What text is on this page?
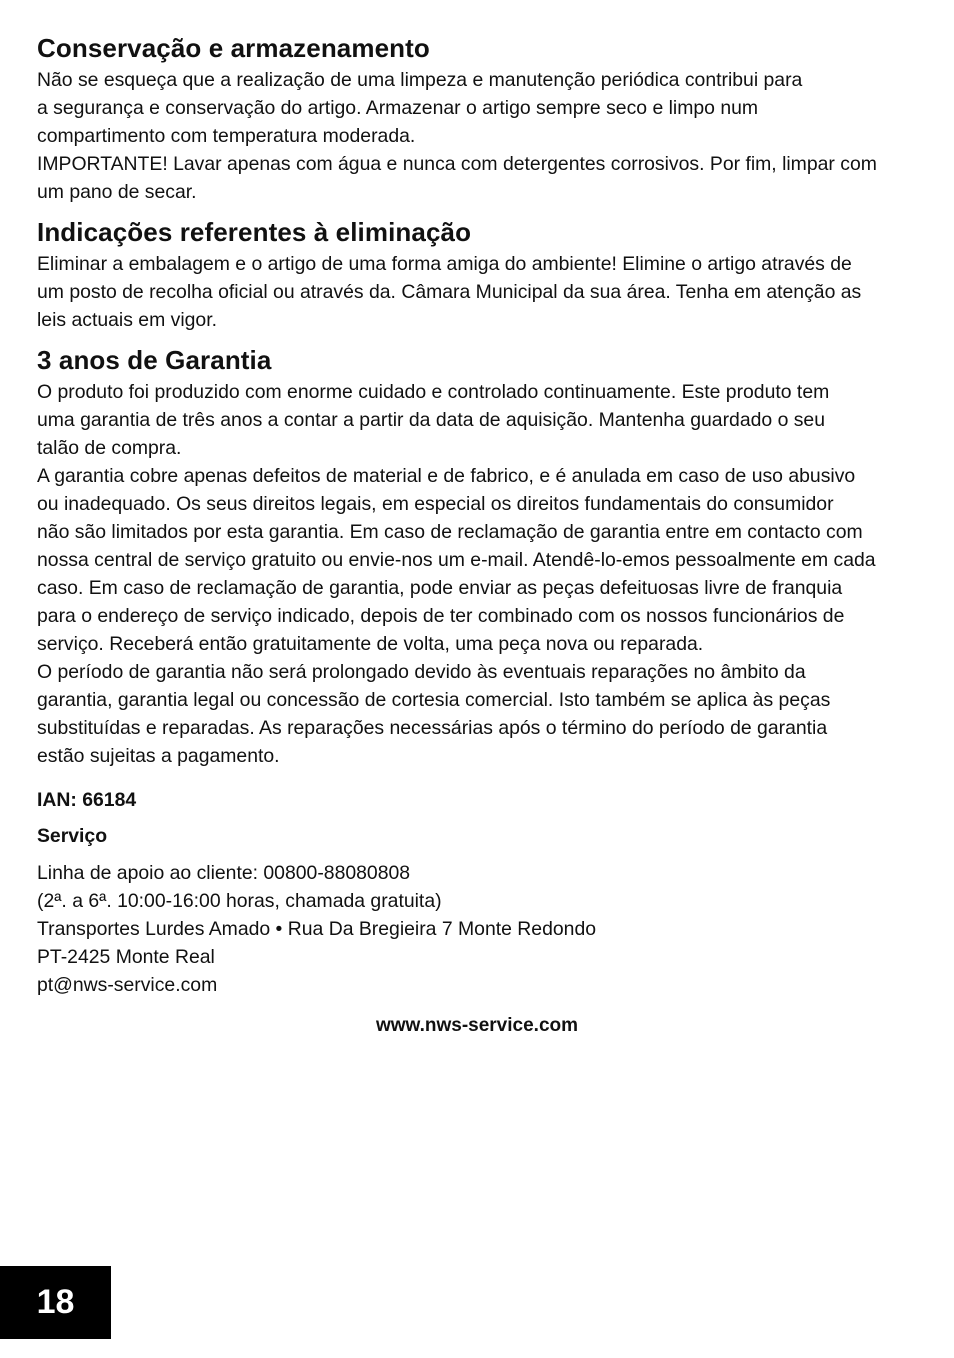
Conservação e armazenamento

Não se esqueça que a realização de uma limpeza e manutenção periódica contribui para
a segurança e conservação do artigo. Armazenar o artigo sempre seco e limpo num
compartimento com temperatura moderada.
IMPORTANTE! Lavar apenas com água e nunca com detergentes corrosivos. Por fim, limpar com
um pano de secar.

Indicações referentes à eliminação

Eliminar a embalagem e o artigo de uma forma amiga do ambiente! Elimine o artigo através de
um posto de recolha oficial ou através da. Câmara Municipal da sua área. Tenha em atenção as
leis actuais em vigor.

3 anos de Garantia

O produto foi produzido com enorme cuidado e controlado continuamente. Este produto tem
uma garantia de três anos a contar a partir da data de aquisição. Mantenha guardado o seu
talão de compra.
A garantia cobre apenas defeitos de material e de fabrico, e é anulada em caso de uso abusivo
ou inadequado. Os seus direitos legais, em especial os direitos fundamentais do consumidor
não são limitados por esta garantia. Em caso de reclamação de garantia entre em contacto com
nossa central de serviço gratuito ou envie-nos um e-mail. Atendê-lo-emos pessoalmente em cada
caso. Em caso de reclamação de garantia, pode enviar as peças defeituosas livre de franquia
para o endereço de serviço indicado, depois de ter combinado com os nossos funcionários de
serviço. Receberá então gratuitamente de volta, uma peça nova ou reparada.
O período de garantia não será prolongado devido às eventuais reparações no âmbito da
garantia, garantia legal ou concessão de cortesia comercial. Isto também se aplica às peças
substituídas e reparadas. As reparações necessárias após o término do período de garantia
estão sujeitas a pagamento.

IAN: 66184
Serviço
Linha de apoio ao cliente: 00800-88080808
(2ª. a 6ª. 10:00-16:00 horas, chamada gratuita)
Transportes Lurdes Amado • Rua Da Bregieira 7 Monte Redondo
PT-2425 Monte Real
pt@nws-service.com
www.nws-service.com
18
